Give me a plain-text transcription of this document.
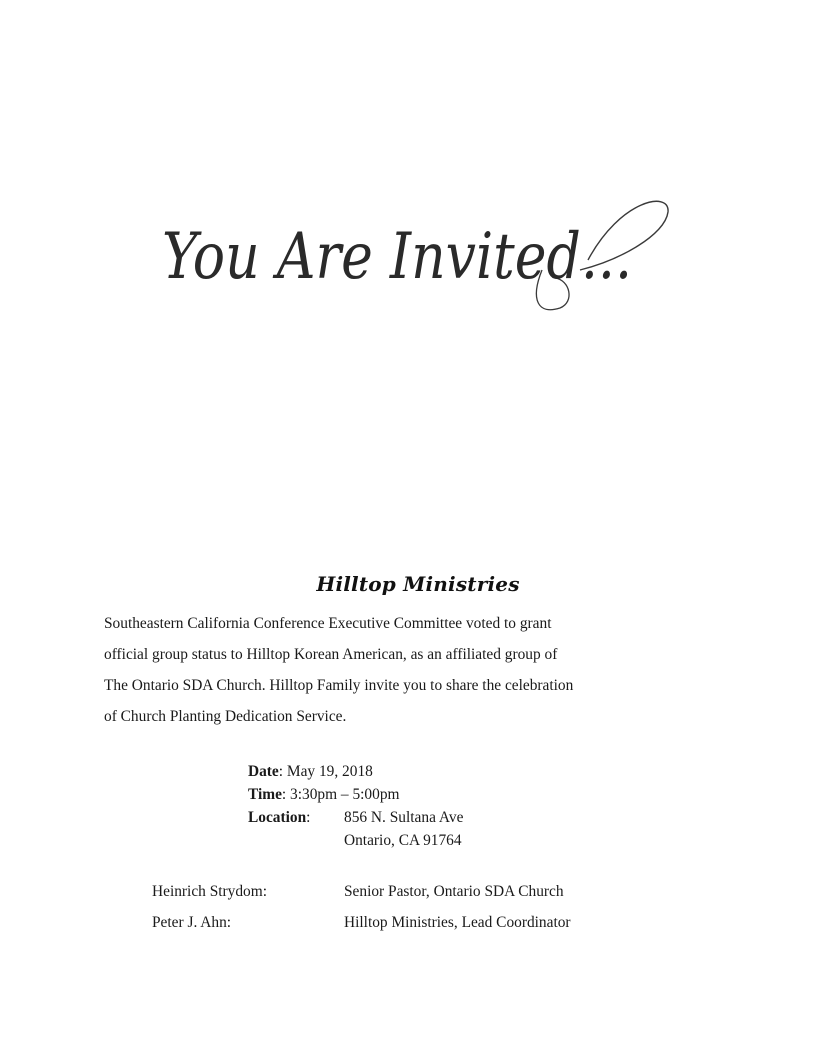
You Are Invited...
Hilltop Ministries
Southeastern California Conference Executive Committee voted to grant
official group status to Hilltop Korean American, as an affiliated group of
The Ontario SDA Church. Hilltop Family invite you to share the celebration
of Church Planting Dedication Service.
Date: May 19, 2018
Time: 3:30pm – 5:00pm
Location: 856 N. Sultana Ave
Ontario, CA 91764
Heinrich Strydom:	Senior Pastor, Ontario SDA Church
Peter J. Ahn:	Hilltop Ministries, Lead Coordinator
